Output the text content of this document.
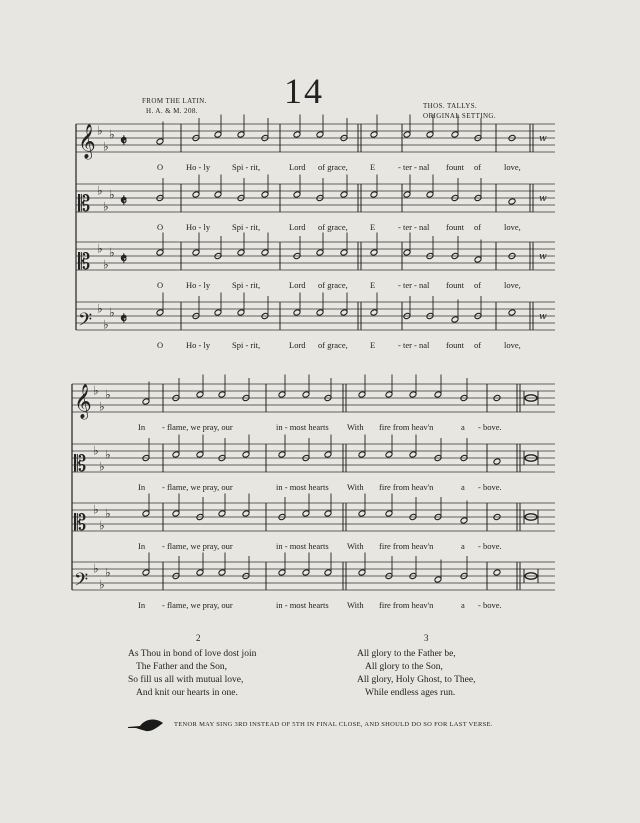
14
FROM THE LATIN.
H. A. & M. 208.
THOS. TALLYS.
ORIGINAL SETTING.
𝄞 ♭
♭
♭ 𝄵	w
𝄡
♭
♭
♭ 𝄵	w
𝄡
♭
♭
♭ 𝄵	w
𝄢
♭
♭
♭ 𝄵	w
𝄞 ♭
♭
♭
𝄡
♭
♭
♭
𝄡
♭
♭
♭
𝄢
♭
♭
♭
O	Ho - ly	Spi - rit,	Lord of grace,	E	- ter - nal fount of	love,
O	Ho - ly	Spi - rit,	Lord of grace,	E	- ter - nal fount of	love,
O	Ho - ly	Spi - rit,	Lord of grace,	E	- ter - nal fount of	love,
O	Ho - ly	Spi - rit,	Lord of grace,	E	- ter - nal fount of	love,
In - flame, we pray, our	in - most hearts With fire from heav'n	a - bove.
In - flame, we pray, our	in - most hearts With fire from heav'n	a - bove.
In - flame, we pray, our	in - most hearts With fire from heav'n	a - bove.
In - flame, we pray, our	in - most hearts With fire from heav'n	a - bove.
2
As Thou in bond of love dost join
The Father and the Son,
So fill us all with mutual love,
And knit our hearts in one.
3
All glory to the Father be,
All glory to the Son,
All glory, Holy Ghost, to Thee,
While endless ages run.
TENOR MAY SING 3RD INSTEAD OF 5TH IN FINAL CLOSE, AND SHOULD DO SO FOR LAST VERSE.
